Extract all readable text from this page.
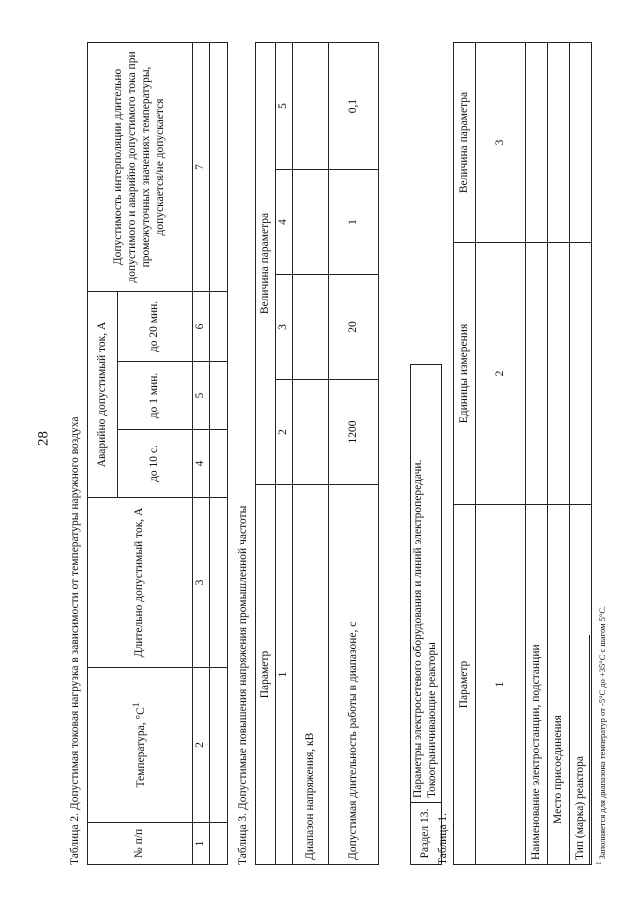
28 Таблица 2. Допустимая токовая нагрузка в зависимости от температуры наружного воздуха	№ п/п	Температура, $^\circ С^1$	Длительно допустимый ток, А	Аварийно допустимый ток, А			Допустимость интерполяции длительно допустимого и аварийно допустимого тока при промежуточных значениях температуры, допускается/не допускается
			до 10 с.	до 1 мин.	до 20 мин.	
1	2	3	4	5	6	7

Таблица 3. Допустимые повышения напряжения промышленной частоты Параметр	Величина параметра			
1	2	3	4	5
Диапазон напряжения, кВ				
Допустимая длительность работы в диапазоне, с	1200	20	1	0,1
Раздел 13.	Параметры электросетевого оборудования и линий электропередачи. Токоограничивающие реакторы
Таблица 1.
Параметр	Единицы измерения	Величина параметра
1	2	3
Наименование электростанции, подстанции		
Место присоединения		
Тип (марка) реактора		
$^1$ Заполняется для диапазона температур от -5°С до +35°С с шагом 5°С.
